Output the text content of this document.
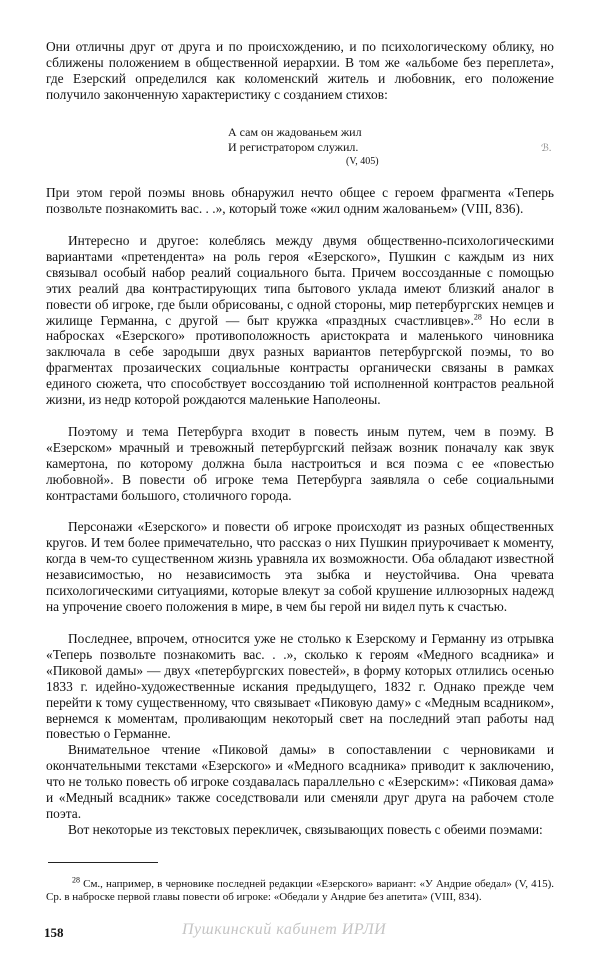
Они отличны друг от друга и по происхождению, и по психологическому облику, но сближены положением в общественной иерархии. В том же «альбоме без переплета», где Езерский определился как коломенский житель и любовник, его положение получило законченную характеристику с созданием стихов:

А сам он жадованьем жил
И регистратором служил.
(V, 405)
ℬ.

При этом герой поэмы вновь обнаружил нечто общее с героем фрагмента «Теперь позвольте познакомить вас. . .», который тоже «жил одним жалованьем» (VIII, 836).

Интересно и другое: колеблясь между двумя общественно-психологическими вариантами «претендента» на роль героя «Езерского», Пушкин с каждым из них связывал особый набор реалий социального быта. Причем воссозданные с помощью этих реалий два контрастирующих типа бытового уклада имеют близкий аналог в повести об игроке, где были обрисованы, с одной стороны, мир петербургских немцев и жилище Германна, с другой — быт кружка «праздных счастливцев».$^{28}$ Но если в набросках «Езерского» противоположность аристократа и маленького чиновника заключала в себе зародыши двух разных вариантов петербургской поэмы, то во фрагментах прозаических социальные контрасты органически связаны в рамках единого сюжета, что способствует воссозданию той исполненной контрастов реальной жизни, из недр которой рождаются маленькие Наполеоны.

Поэтому и тема Петербурга входит в повесть иным путем, чем в поэму. В «Езерском» мрачный и тревожный петербургский пейзаж возник поначалу как звук камертона, по которому должна была настроиться и вся поэма с ее «повестью любовной». В повести об игроке тема Петербурга заявляла о себе социальными контрастами большого, столичного города.

Персонажи «Езерского» и повести об игроке происходят из разных общественных кругов. И тем более примечательно, что рассказ о них Пушкин приурочивает к моменту, когда в чем-то существенном жизнь уравняла их возможности. Оба обладают известной независимостью, но независимость эта зыбка и неустойчива. Она чревата психологическими ситуациями, которые влекут за собой крушение иллюзорных надежд на упрочение своего положения в мире, в чем бы герой ни видел путь к счастью.

Последнее, впрочем, относится уже не столько к Езерскому и Германну из отрывка «Теперь позвольте познакомить вас. . .», сколько к героям «Медного всадника» и «Пиковой дамы» — двух «петербургских повестей», в форму которых отлились осенью 1833 г. идейно-художественные искания предыдущего, 1832 г. Однако прежде чем перейти к тому существенному, что связывает «Пиковую даму» с «Медным всадником», вернемся к моментам, проливающим некоторый свет на последний этап работы над повестью о Германне.

Внимательное чтение «Пиковой дамы» в сопоставлении с черновиками и окончательными текстами «Езерского» и «Медного всадника» приводит к заключению, что не только повесть об игроке создавалась параллельно с «Езерским»: «Пиковая дама» и «Медный всадник» также соседствовали или сменяли друг друга на рабочем столе поэта.

Вот некоторые из текстовых перекличек, связывающих повесть с обеими поэмами:

$^{28}$ См., например, в черновике последней редакции «Езерского» вариант: «У Андрие обедал» (V, 415). Ср. в наброске первой главы повести об игроке: «Обедали у Андрие без апетита» (VIII, 834).

158	Пушкинский кабинет ИРЛИ
